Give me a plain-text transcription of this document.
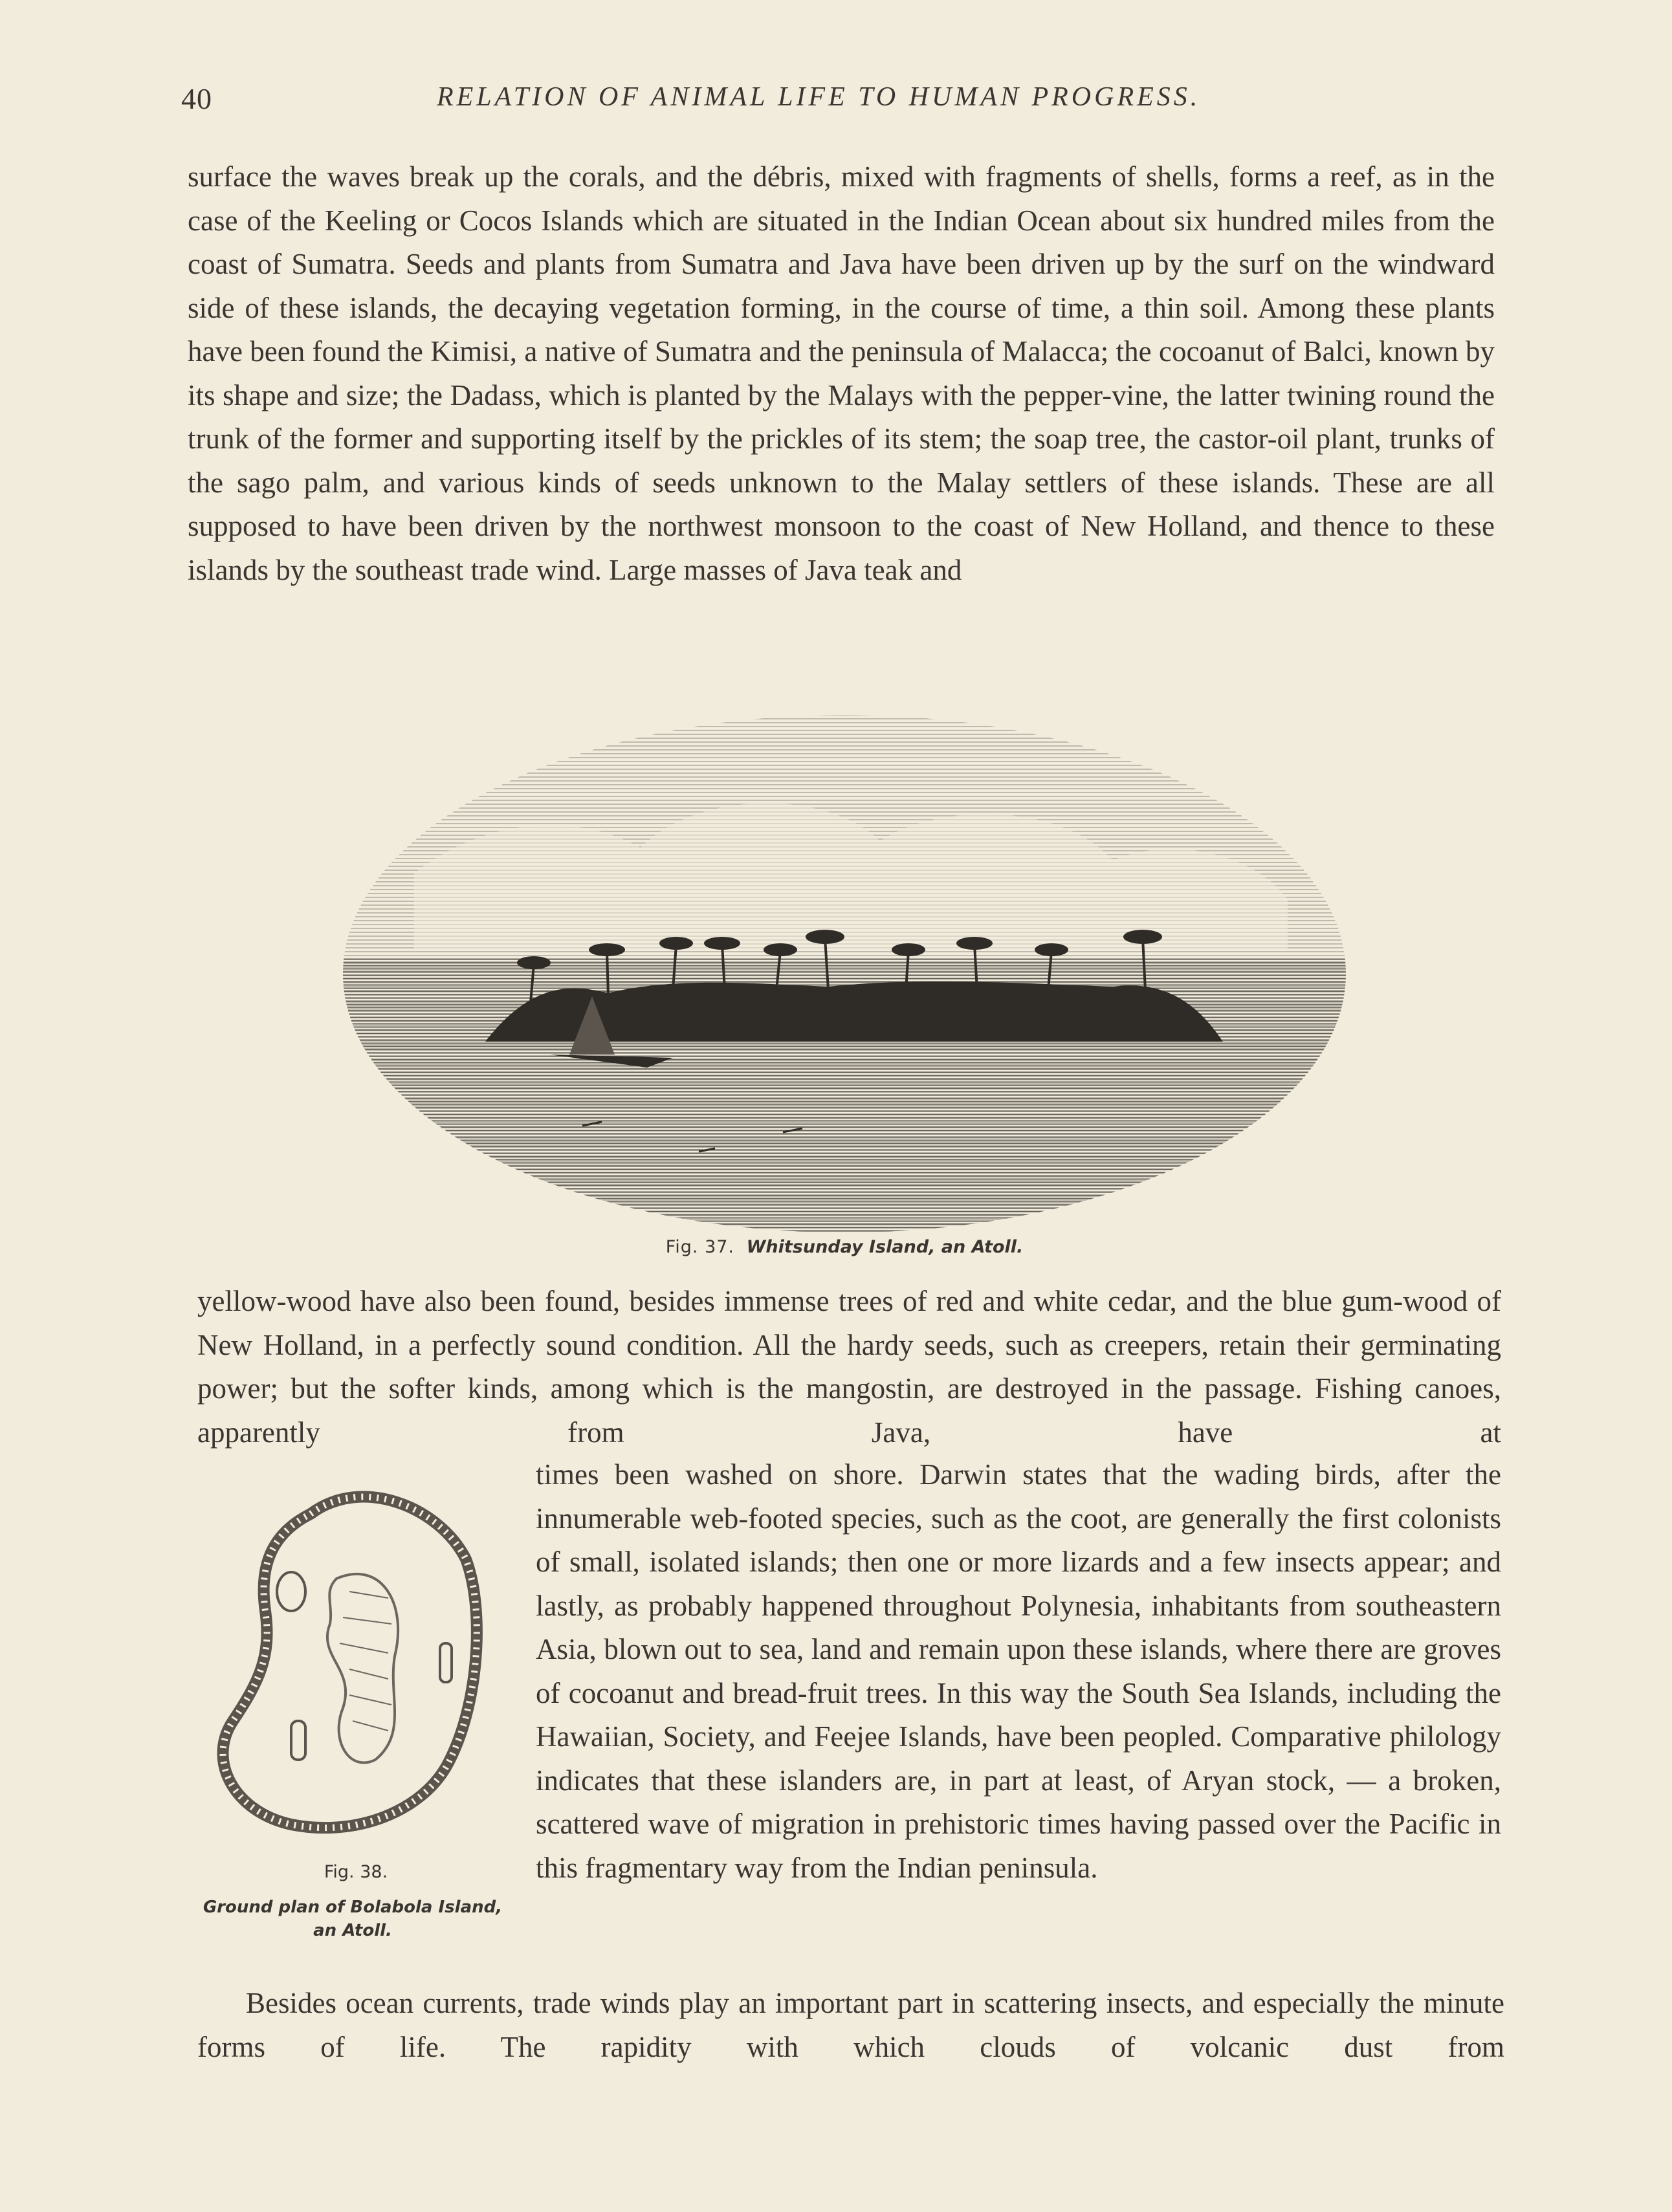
40	RELATION OF ANIMAL LIFE TO HUMAN PROGRESS.

surface the waves break up the corals, and the débris, mixed with fragments of shells, forms a reef, as in the case of the Keeling or Cocos Islands which are situated in the Indian Ocean about six hundred miles from the coast of Sumatra. Seeds and plants from Sumatra and Java have been driven up by the surf on the windward side of these islands, the decaying vegetation forming, in the course of time, a thin soil. Among these plants have been found the Kimisi, a native of Sumatra and the peninsula of Malacca; the cocoanut of Balci, known by its shape and size; the Dadass, which is planted by the Malays with the pepper-vine, the latter twining round the trunk of the former and supporting itself by the prickles of its stem; the soap tree, the castor-oil plant, trunks of the sago palm, and various kinds of seeds unknown to the Malay settlers of these islands. These are all supposed to have been driven by the northwest monsoon to the coast of New Holland, and thence to these islands by the southeast trade wind. Large masses of Java teak and

Fig. 37. Whitsunday Island, an Atoll.

yellow-wood have also been found, besides immense trees of red and white cedar, and the blue gum-wood of New Holland, in a perfectly sound condition. All the hardy seeds, such as creepers, retain their germinating power; but the softer kinds, among which is the mangostin, are destroyed in the passage. Fishing canoes, apparently from Java, have at

Fig. 38.
Ground plan of Bolabola Island, an Atoll.

times been washed on shore. Darwin states that the wading birds, after the innumerable web-footed species, such as the coot, are generally the first colonists of small, isolated islands; then one or more lizards and a few insects appear; and lastly, as probably happened throughout Polynesia, inhabitants from southeastern Asia, blown out to sea, land and remain upon these islands, where there are groves of cocoanut and bread-fruit trees. In this way the South Sea Islands, including the Hawaiian, Society, and Feejee Islands, have been peopled. Comparative philology indicates that these islanders are, in part at least, of Aryan stock, — a broken, scattered wave of migration in prehistoric times having passed over the Pacific in this fragmentary way from the Indian peninsula.

Besides ocean currents, trade winds play an important part in scattering insects, and especially the minute forms of life. The rapidity with which clouds of volcanic dust from
